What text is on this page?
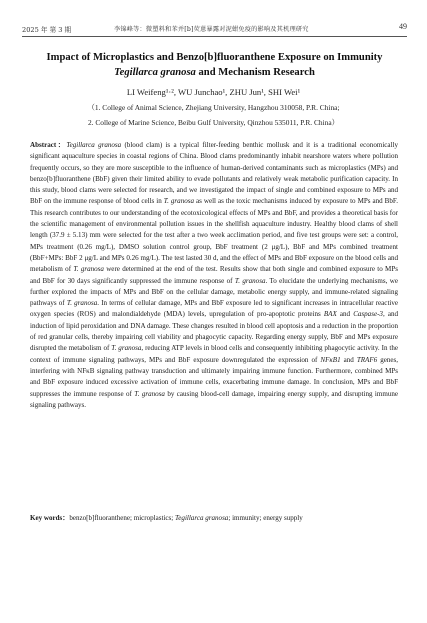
2025 年 第 3 期	李锦峰等：微塑料和苯并[b]荧蒽暴露对泥蚶免疫的影响及其机理研究	49
Impact of Microplastics and Benzo[b]fluoranthene Exposure on Immunity
Tegillarca granosa and Mechanism Research
LI Weifeng¹·², WU Junchao¹, ZHU Jun¹, SHI Wei¹
（1. College of Animal Science, Zhejiang University, Hangzhou 310058, P.R. China;
2. College of Marine Science, Beibu Gulf University, Qinzhou 535011, P.R. China）
Abstract：Tegillarca granosa (blood clam) is a typical filter-feeding benthic mollusk and it is a traditional economically significant aquaculture species in coastal regions of China. Blood clams predominantly inhabit nearshore waters where pollution frequently occurs, so they are more susceptible to the influence of human-derived contaminants such as microplastics (MPs) and benzo[b]fluoranthene (BbF) given their limited ability to evade pollutants and relatively weak metabolic purification capacity. In this study, blood clams were selected for research, and we investigated the impact of single and combined exposure to MPs and BbF on the immune response of blood cells in T. granosa as well as the toxic mechanisms induced by exposure to MPs and BbF. This research contributes to our understanding of the ecotoxicological effects of MPs and BbF, and provides a theoretical basis for the scientific management of environmental pollution issues in the shellfish aquaculture industry. Healthy blood clams of shell length (37.9 ± 5.13) mm were selected for the test after a two week acclimation period, and five test groups were set: a control, MPs treatment (0.26 mg/L), DMSO solution control group, BbF treatment (2 μg/L), BbF and MPs combined treatment (BbF+MPs: BbF 2 μg/L and MPs 0.26 mg/L). The test lasted 30 d, and the effect of MPs and BbF exposure on the blood cells and metabolism of T. granosa were determined at the end of the test. Results show that both single and combined exposure to MPs and BbF for 30 days significantly suppressed the immune response of T. granosa. To elucidate the underlying mechanisms, we further explored the impacts of MPs and BbF on the cellular damage, metabolic energy supply, and immune-related signaling pathways of T. granosa. In terms of cellular damage, MPs and BbF exposure led to significant increases in intracellular reactive oxygen species (ROS) and malondialdehyde (MDA) levels, upregulation of pro-apoptotic proteins BAX and Caspase-3, and induction of lipid peroxidation and DNA damage. These changes resulted in blood cell apoptosis and a reduction in the proportion of red granular cells, thereby impairing cell viability and phagocytic capacity. Regarding energy supply, BbF and MPs exposure disrupted the metabolism of T. granosa, reducing ATP levels in blood cells and consequently inhibiting phagocytic activity. In the context of immune signaling pathways, MPs and BbF exposure downregulated the expression of NFκB1 and TRAF6 genes, interfering with NFκB signaling pathway transduction and ultimately impairing immune function. Furthermore, combined MPs and BbF exposure induced excessive activation of immune cells, exacerbating immune damage. In conclusion, MPs and BbF suppresses the immune response of T. granosa by causing blood-cell damage, impairing energy supply, and disrupting immune signaling pathways.
Key words：benzo[b]fluoranthene; microplastics; Tegillarca granosa; immunity; energy supply
